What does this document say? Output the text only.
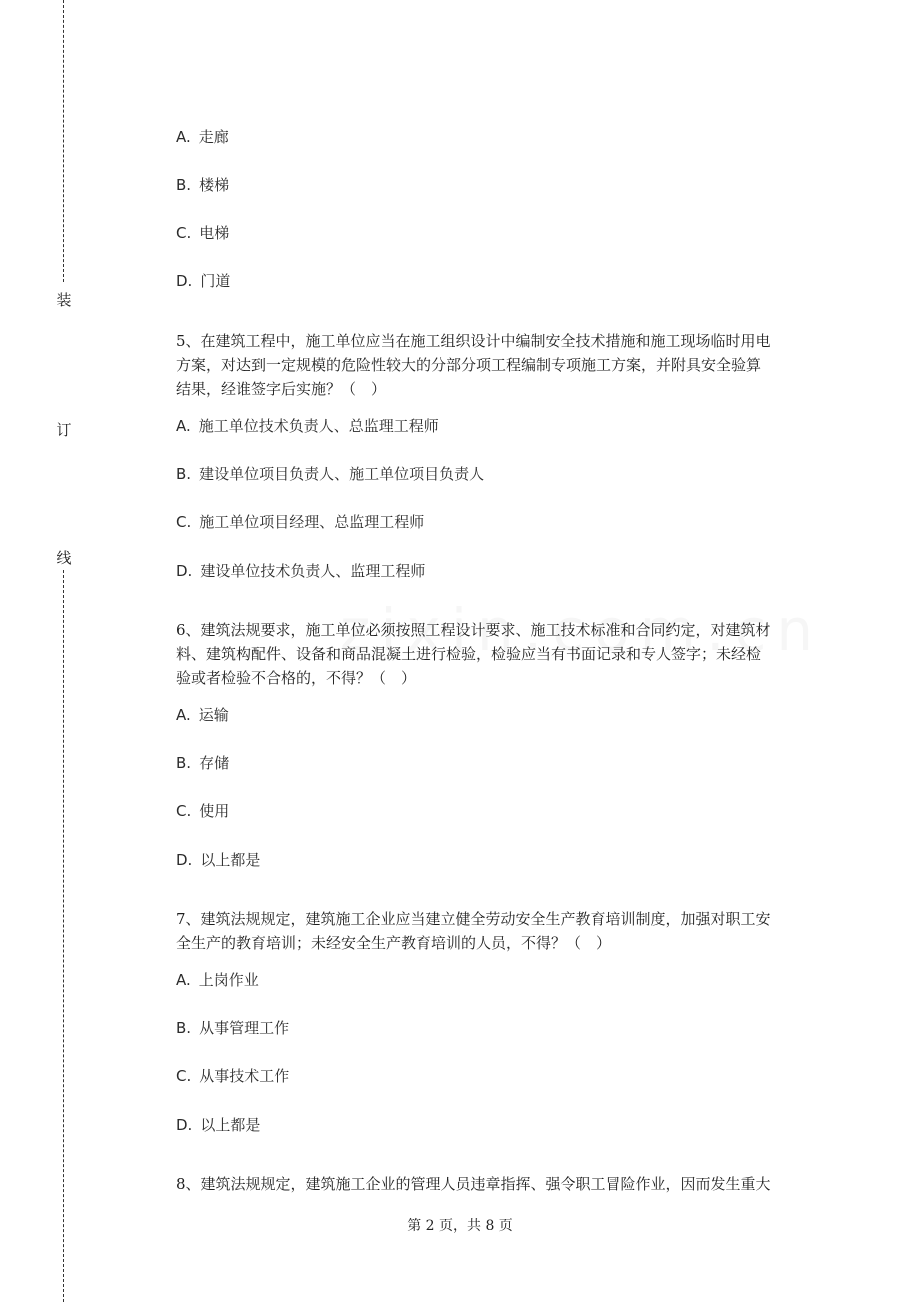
装
订
线
A. 走廊
B. 楼梯
C. 电梯
D. 门道
5、在建筑工程中，施工单位应当在施工组织设计中编制安全技术措施和施工现场临时用电
方案，对达到一定规模的危险性较大的分部分项工程编制专项施工方案，并附具安全验算
结果，经谁签字后实施？（　）
A. 施工单位技术负责人、总监理工程师
B. 建设单位项目负责人、施工单位项目负责人
C. 施工单位项目经理、总监理工程师
D. 建设单位技术负责人、监理工程师
6、建筑法规要求，施工单位必须按照工程设计要求、施工技术标准和合同约定，对建筑材
料、建筑构配件、设备和商品混凝土进行检验，检验应当有书面记录和专人签字；未经检
验或者检验不合格的，不得？（　）
A. 运输
B. 存储
C. 使用
D. 以上都是
7、建筑法规规定，建筑施工企业应当建立健全劳动安全生产教育培训制度，加强对职工安
全生产的教育培训；未经安全生产教育培训的人员，不得？（　）
A. 上岗作业
B. 从事管理工作
C. 从事技术工作
D. 以上都是
8、建筑法规规定，建筑施工企业的管理人员违章指挥、强令职工冒险作业，因而发生重大
第 2 页，共 8 页
